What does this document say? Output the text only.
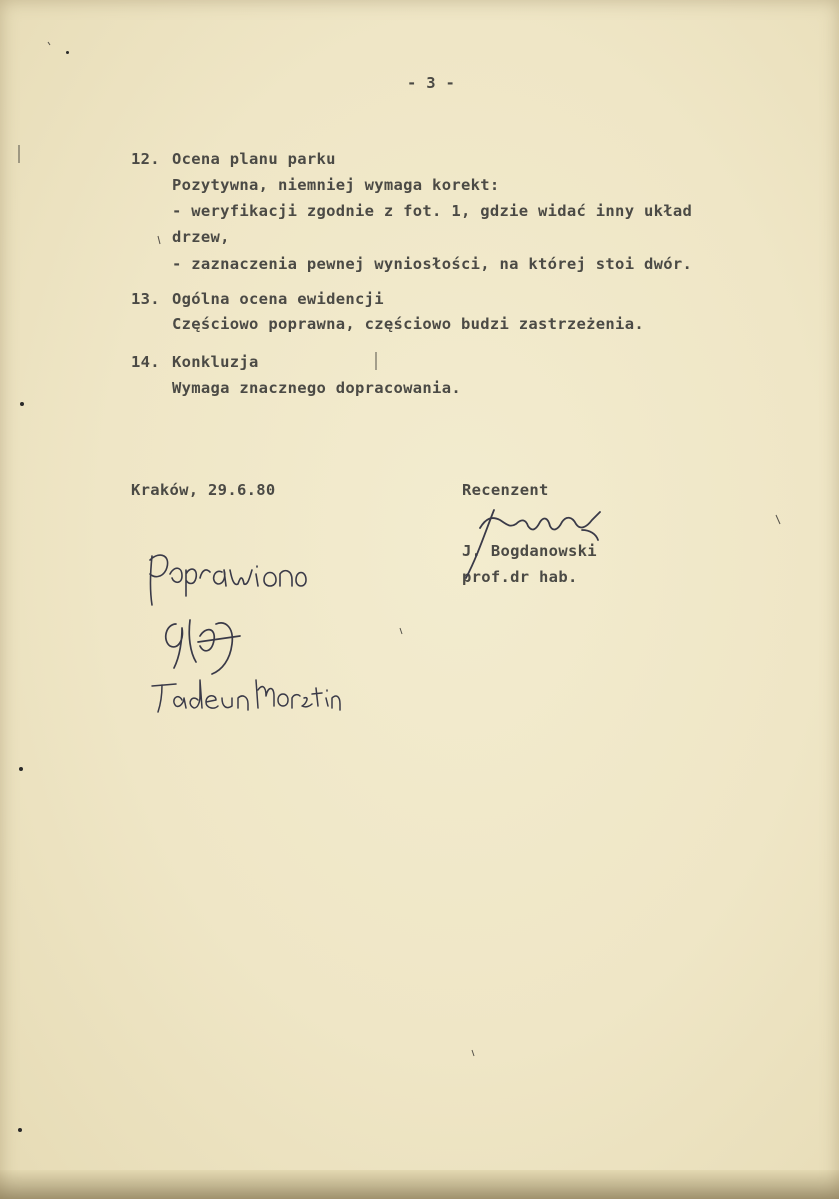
- 3 -
12. Ocena planu parku
Pozytywna, niemniej wymaga korekt:
- weryfikacji zgodnie z fot. 1, gdzie widać inny układ
drzew,
- zaznaczenia pewnej wyniosłości, na której stoi dwór.
13. Ogólna ocena ewidencji
Częściowo poprawna, częściowo budzi zastrzeżenia.
14. Konkluzja
Wymaga znacznego dopracowania.
Kraków, 29.6.80	Recenzent
J. Bogdanowski
prof.dr hab.
